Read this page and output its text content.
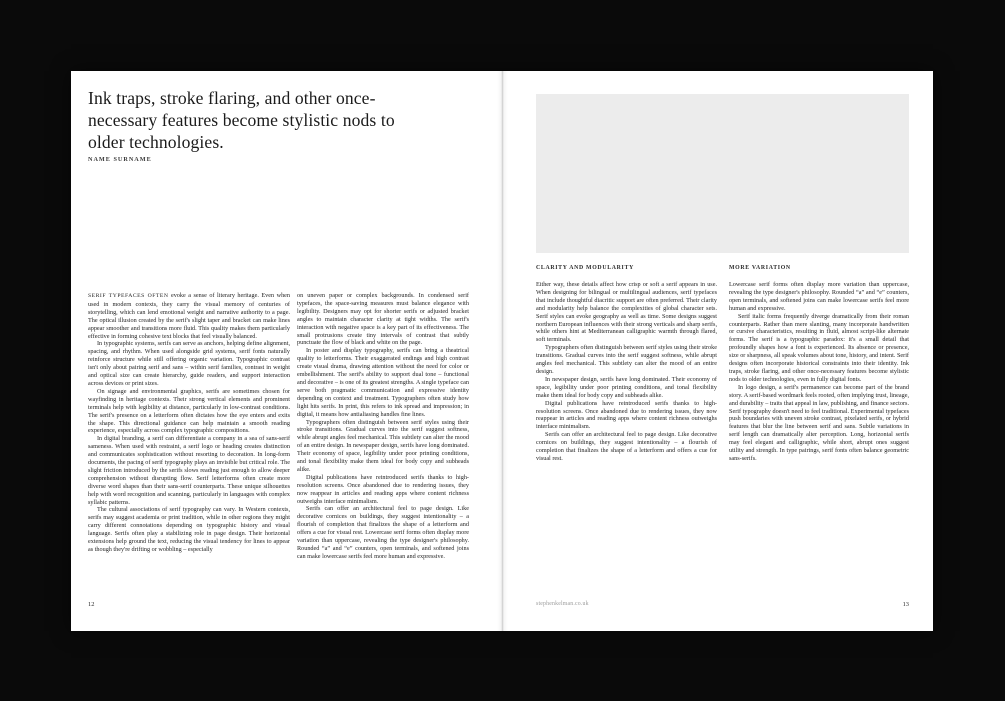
Ink traps, stroke flaring, and other once-
necessary features become stylistic nods to
older technologies.
NAME SURNAME

SERIF TYPEFACES OFTEN evoke a sense of literary heritage. Even when used in modern contexts, they carry the visual memory of centuries of storytelling, which can lend emotional weight and narrative authority to a page. The optical illusion created by the serif's slight taper and bracket can make lines appear smoother and transitions more fluid. This quality makes them particularly effective in forming cohesive text blocks that feel visually balanced.

In typographic systems, serifs can serve as anchors, helping define alignment, spacing, and rhythm. When used alongside grid systems, serif fonts naturally reinforce structure while still offering organic variation. Typographic contrast isn't only about pairing serif and sans – within serif families, contrast in weight and optical size can create hierarchy, guide readers, and support interaction across devices or print sizes.

On signage and environmental graphics, serifs are sometimes chosen for wayfinding in heritage contexts. Their strong vertical elements and prominent terminals help with legibility at distance, particularly in low-contrast conditions. The serif's presence on a letterform often dictates how the eye enters and exits the shape. This directional guidance can help maintain a smooth reading experience, especially across complex typographic compositions.

In digital branding, a serif can differentiate a company in a sea of sans-serif sameness. When used with restraint, a serif logo or heading creates distinction and communicates sophistication without resorting to decoration. In long-form documents, the pacing of serif typography plays an invisible but critical role. The slight friction introduced by the serifs slows reading just enough to allow deeper comprehension without disrupting flow. Serif letterforms often create more diverse word shapes than their sans-serif counterparts. These unique silhouettes help with word recognition and scanning, particularly in languages with complex syllabic patterns.

The cultural associations of serif typography can vary. In Western contexts, serifs may suggest academia or print tradition, while in other regions they might carry different connotations depending on typographic history and visual language. Serifs often play a stabilizing role in page design. Their horizontal extensions help ground the text, reducing the visual tendency for lines to appear as though they're drifting or wobbling – especially

on uneven paper or complex backgrounds. In condensed serif typefaces, the space-saving measures must balance elegance with legibility. Designers may opt for shorter serifs or adjusted bracket angles to maintain character clarity at tight widths. The serif's interaction with negative space is a key part of its effectiveness. The small protrusions create tiny intervals of contrast that subtly punctuate the flow of black and white on the page.

In poster and display typography, serifs can bring a theatrical quality to letterforms. Their exaggerated endings and high contrast create visual drama, drawing attention without the need for color or embellishment. The serif's ability to support dual tone – functional and decorative – is one of its greatest strengths. A single typeface can serve both pragmatic communication and expressive identity depending on context and treatment. Typographers often study how light hits serifs. In print, this refers to ink spread and impression; in digital, it means how antialiasing handles fine lines.

Typographers often distinguish between serif styles using their stroke transitions. Gradual curves into the serif suggest softness, while abrupt angles feel mechanical. This subtlety can alter the mood of an entire design. In newspaper design, serifs have long dominated. Their economy of space, legibility under poor printing conditions, and tonal flexibility make them ideal for body copy and subheads alike.

Digital publications have reintroduced serifs thanks to high-resolution screens. Once abandoned due to rendering issues, they now reappear in articles and reading apps where content richness outweighs interface minimalism.

Serifs can offer an architectural feel to page design. Like decorative cornices on buildings, they suggest intentionality – a flourish of completion that finalizes the shape of a letterform and offers a cue for visual rest. Lowercase serif forms often display more variation than uppercase, revealing the type designer's philosophy. Rounded “a” and “e” counters, open terminals, and softened joins can make lowercase serifs feel more human and expressive.

12
CLARITY AND MODULARITY

Either way, these details affect how crisp or soft a serif appears in use. When designing for bilingual or multilingual audiences, serif typefaces that include thoughtful diacritic support are often preferred. Their clarity and modularity help balance the complexities of global character sets. Serif styles can evoke geography as well as time. Some designs suggest northern European influences with their strong verticals and sharp serifs, while others hint at Mediterranean calligraphic warmth through flared, soft terminals.

Typographers often distinguish between serif styles using their stroke transitions. Gradual curves into the serif suggest softness, while abrupt angles feel mechanical. This subtlety can alter the mood of an entire design.

In newspaper design, serifs have long dominated. Their economy of space, legibility under poor printing conditions, and tonal flexibility make them ideal for body copy and subheads alike.

Digital publications have reintroduced serifs thanks to high-resolution screens. Once abandoned due to rendering issues, they now reappear in articles and reading apps where content richness outweighs interface minimalism.

Serifs can offer an architectural feel to page design. Like decorative cornices on buildings, they suggest intentionality – a flourish of completion that finalizes the shape of a letterform and offers a cue for visual rest.

MORE VARIATION

Lowercase serif forms often display more variation than uppercase, revealing the type designer's philosophy. Rounded “a” and “e” counters, open terminals, and softened joins can make lowercase serifs feel more human and expressive.

Serif italic forms frequently diverge dramatically from their roman counterparts. Rather than mere slanting, many incorporate handwritten or cursive characteristics, resulting in fluid, almost script-like alternate forms. The serif is a typographic paradox: it's a small detail that profoundly shapes how a font is experienced. Its absence or presence, size or sharpness, all speak volumes about tone, history, and intent. Serif designs often incorporate historical constraints into their identity. Ink traps, stroke flaring, and other once-necessary features become stylistic nods to older technologies, even in fully digital fonts.

In logo design, a serif's permanence can become part of the brand story. A serif-based wordmark feels rooted, often implying trust, lineage, and durability – traits that appeal in law, publishing, and finance sectors. Serif typography doesn't need to feel traditional. Experimental typefaces push boundaries with uneven stroke contrast, pixelated serifs, or hybrid features that blur the line between serif and sans. Subtle variations in serif length can dramatically alter perception. Long, horizontal serifs may feel elegant and calligraphic, while short, abrupt ones suggest utility and strength. In type pairings, serif fonts often balance geometric sans-serifs.

stephenkelman.co.uk	13
